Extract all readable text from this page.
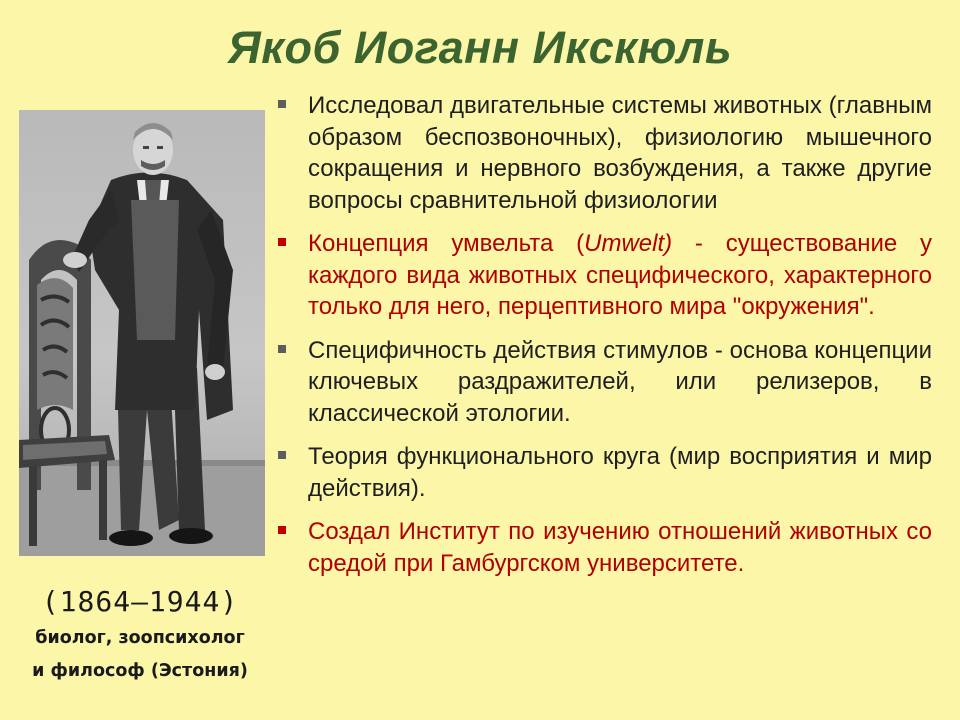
Якоб Иоганн Икскюль
(1864–1944)
биолог, зоопсихолог
и философ (Эстония)
Исследовал двигательные системы животных (главным образом беспозвоночных), физиологию мышечного сокращения и нервного возбуждения, а также другие вопросы сравнительной физиологии
Концепция умвельта (Umwelt) - существование у каждого вида животных специфического, характерного только для него, перцептивного мира "окружения".
Специфичность действия стимулов - основа концепции ключевых раздражителей, или релизеров, в классической этологии.
Теория функционального круга (мир восприятия и мир действия).
Создал Институт по изучению отношений животных со средой при Гамбургском университете.
